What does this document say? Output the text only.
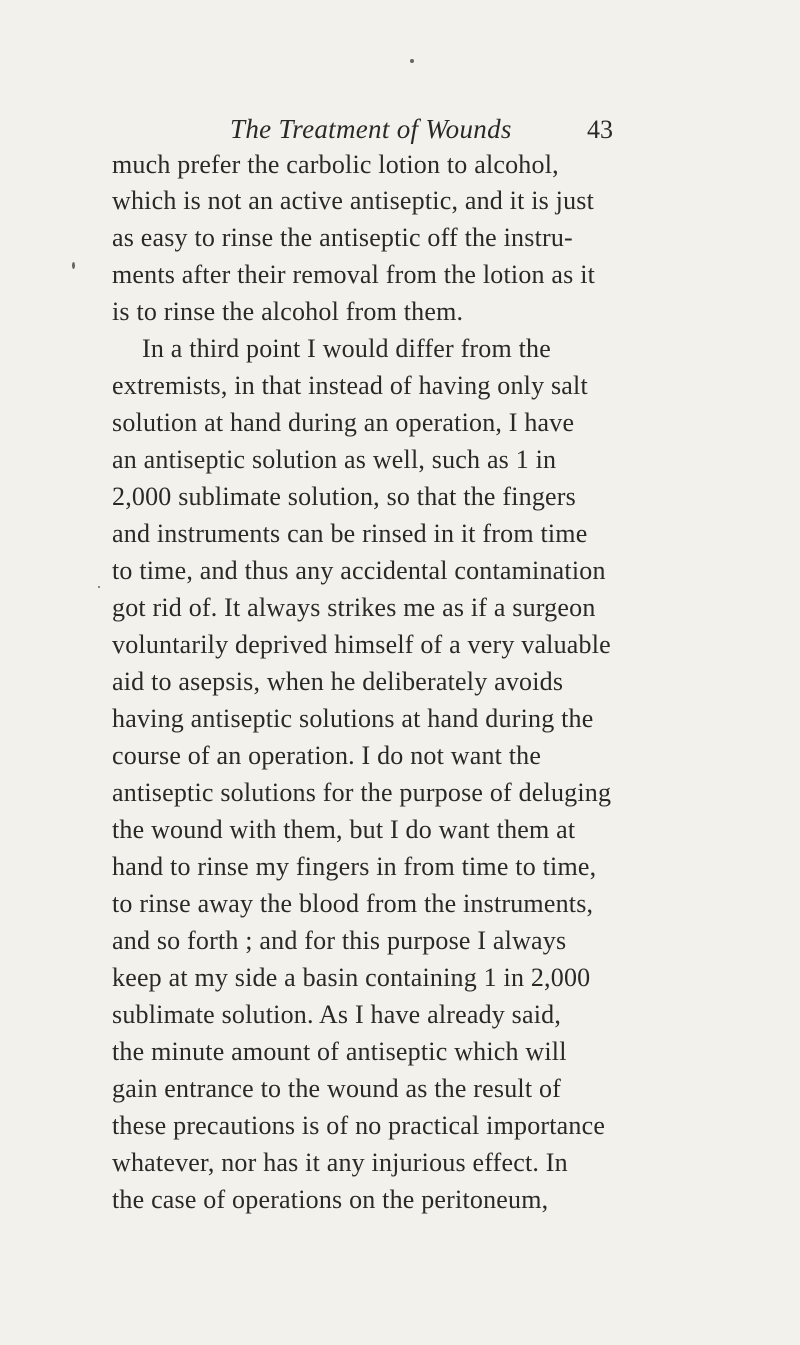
The Treatment of Wounds	43
much prefer the carbolic lotion to alcohol,
which is not an active antiseptic, and it is just
as easy to rinse the antiseptic off the instru-
ments after their removal from the lotion as it
is to rinse the alcohol from them.
In a third point I would differ from the
extremists, in that instead of having only salt
solution at hand during an operation, I have
an antiseptic solution as well, such as 1 in
2,000 sublimate solution, so that the fingers
and instruments can be rinsed in it from time
to time, and thus any accidental contamination
got rid of. It always strikes me as if a surgeon
voluntarily deprived himself of a very valuable
aid to asepsis, when he deliberately avoids
having antiseptic solutions at hand during the
course of an operation. I do not want the
antiseptic solutions for the purpose of deluging
the wound with them, but I do want them at
hand to rinse my fingers in from time to time,
to rinse away the blood from the instruments,
and so forth ; and for this purpose I always
keep at my side a basin containing 1 in 2,000
sublimate solution. As I have already said,
the minute amount of antiseptic which will
gain entrance to the wound as the result of
these precautions is of no practical importance
whatever, nor has it any injurious effect. In
the case of operations on the peritoneum,
